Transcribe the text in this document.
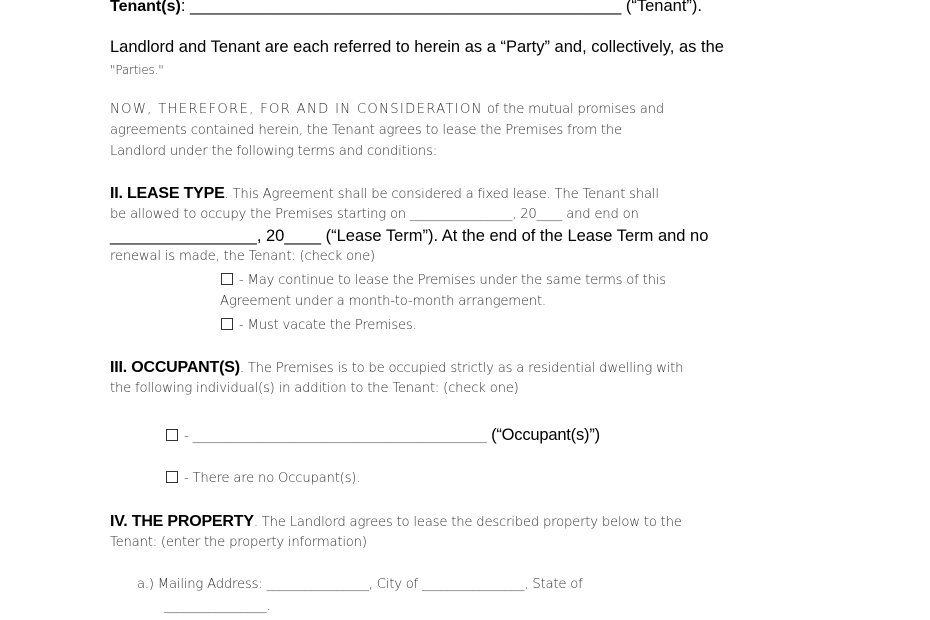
Tenant(s): _______________________________________________ (“Tenant”).
Landlord and Tenant are each referred to herein as a “Party” and, collectively, as the
"Parties."
NOW, THEREFORE, FOR AND IN CONSIDERATION of the mutual promises and
agreements contained herein, the Tenant agrees to lease the Premises from the
Landlord under the following terms and conditions:
II. LEASE TYPE. This Agreement shall be considered a fixed lease. The Tenant shall
be allowed to occupy the Premises starting on ________________, 20____ and end on
________________, 20____ (“Lease Term”). At the end of the Lease Term and no
renewal is made, the Tenant: (check one)
- May continue to lease the Premises under the same terms of this
Agreement under a month-to-month arrangement.
- Must vacate the Premises.
III. OCCUPANT(S). The Premises is to be occupied strictly as a residential dwelling with
the following individual(s) in addition to the Tenant: (check one)
- ______________________________________________ (“Occupant(s)”)
- There are no Occupant(s).
IV. THE PROPERTY. The Landlord agrees to lease the described property below to the
Tenant: (enter the property information)
a.) Mailing Address: ________________, City of ________________, State of
________________.
